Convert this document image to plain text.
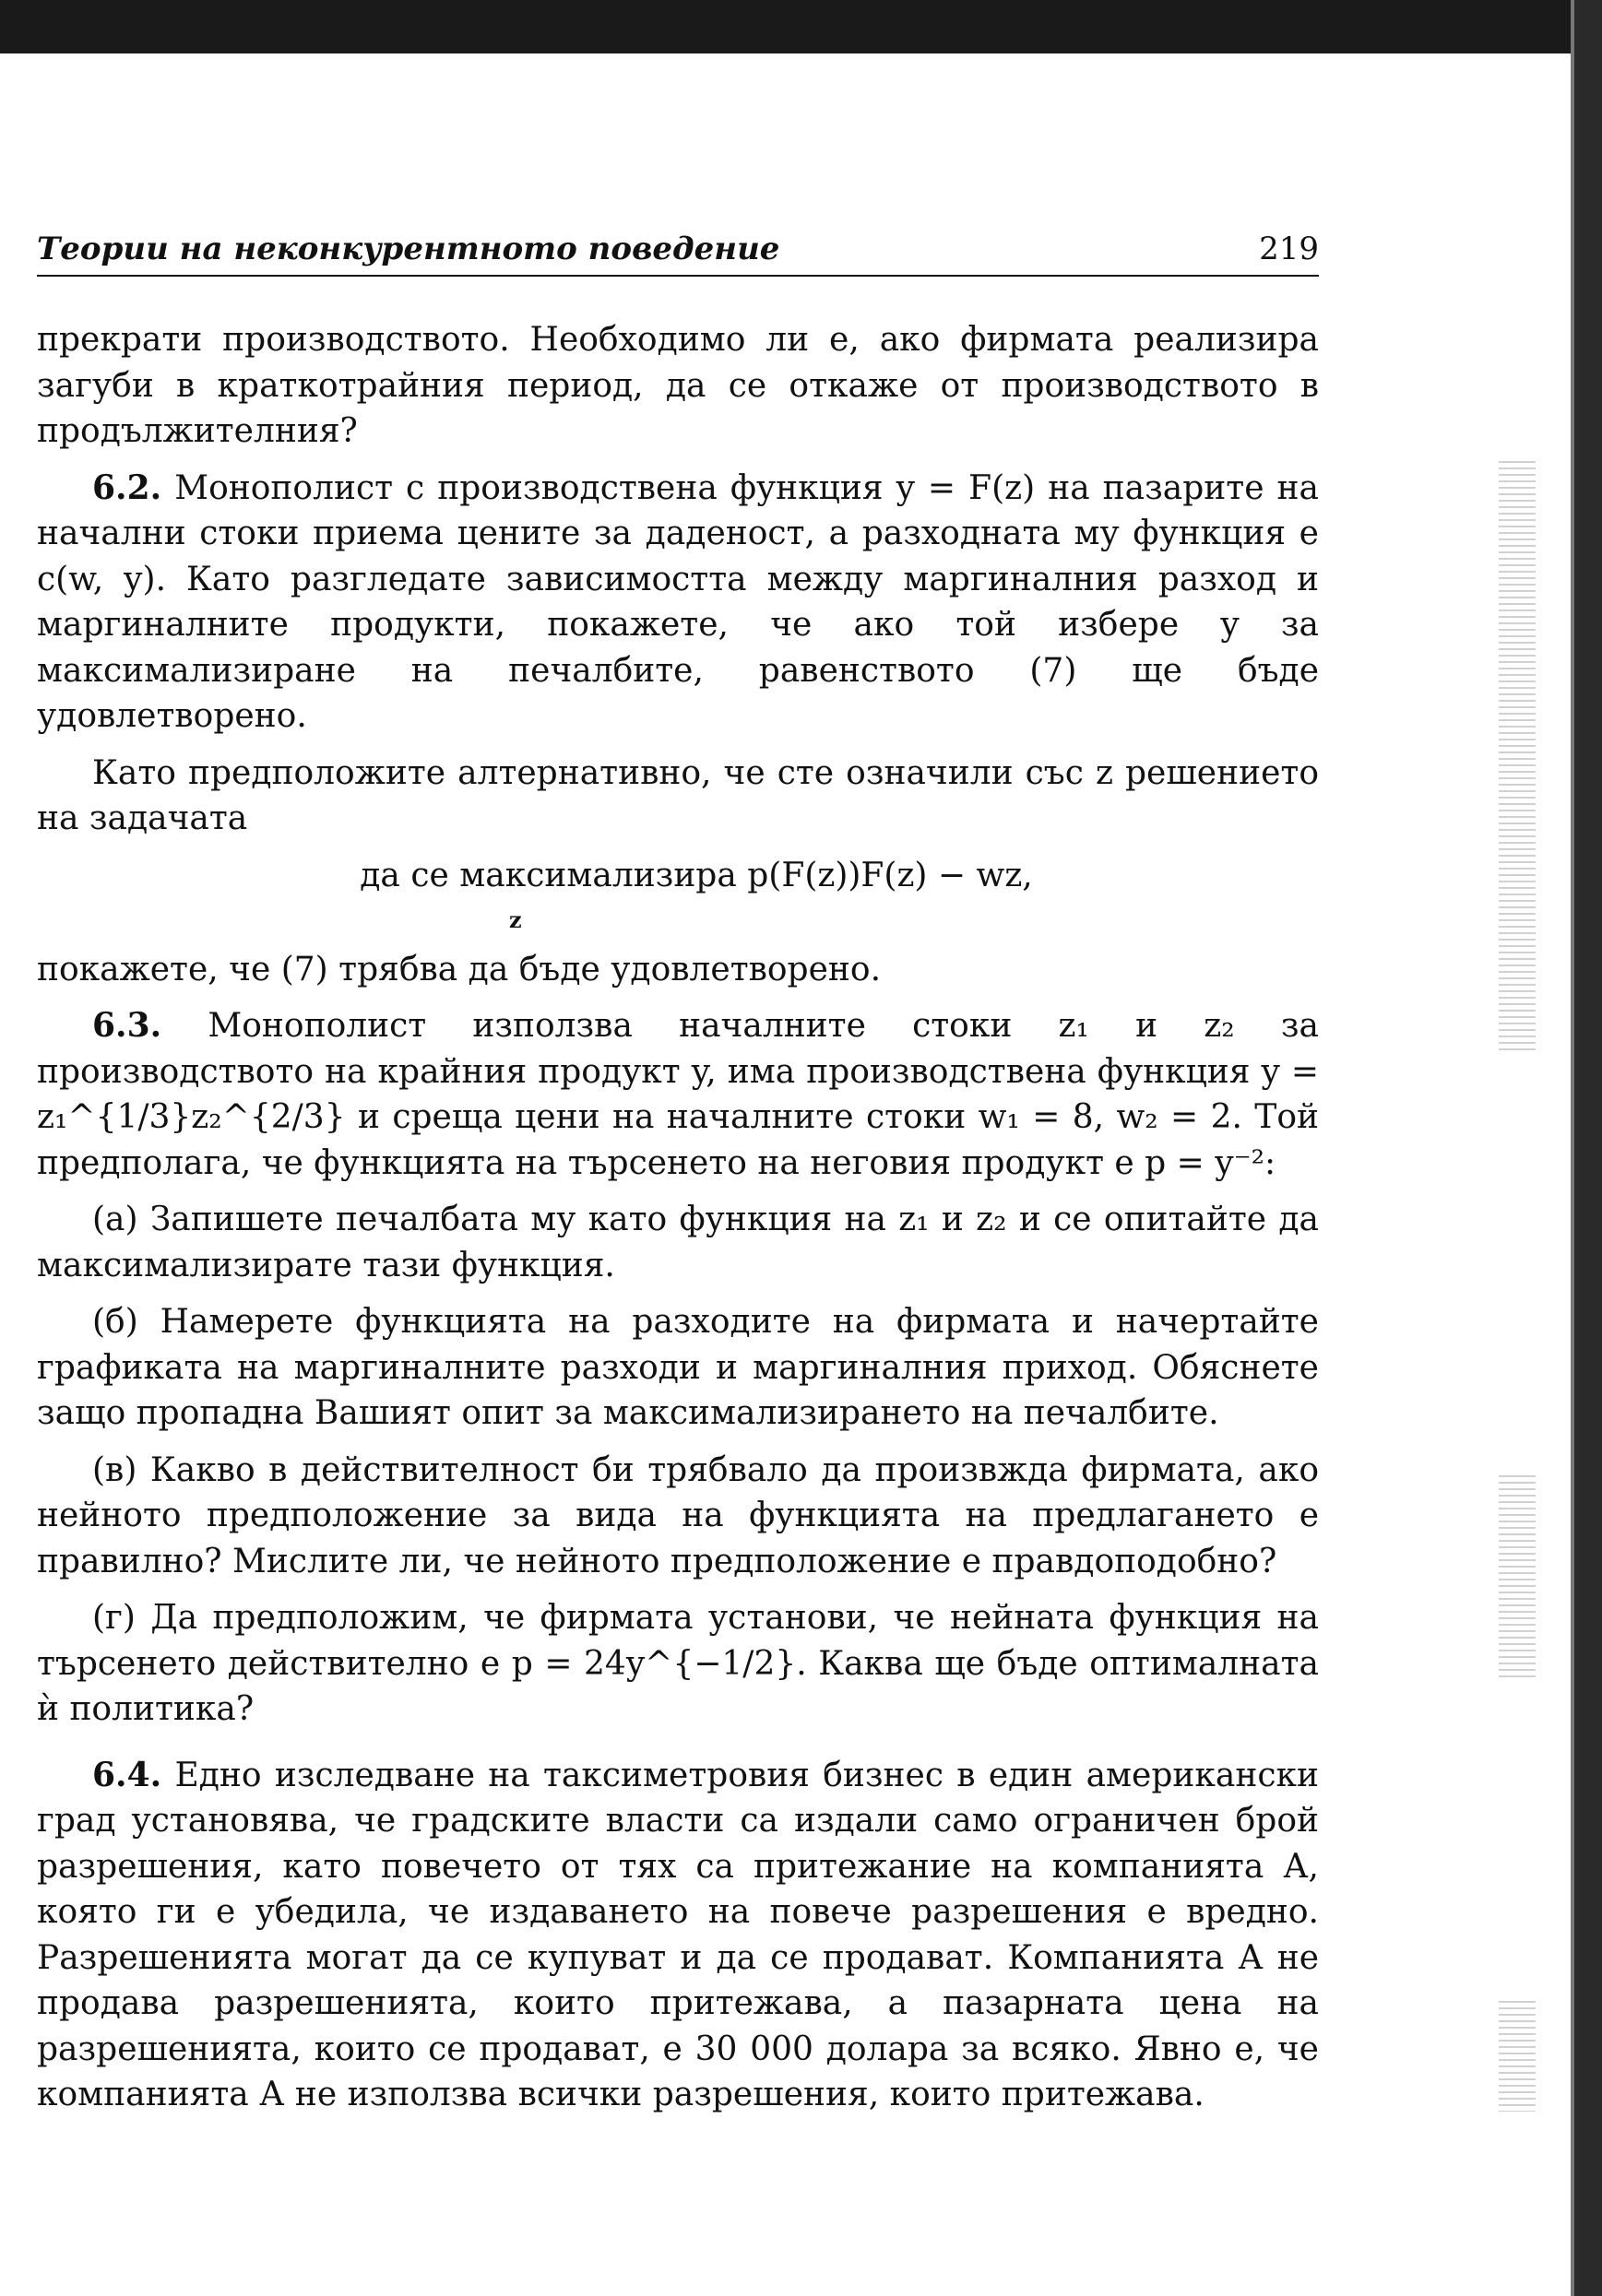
Теории на неконкурентното поведение	219

прекрати производството. Необходимо ли е, ако фирмата реализира загуби в краткотрайния период, да се откаже от производството в продължителния?

6.2. Монополист с производствена функция y = F(z) на пазарите на начални стоки приема цените за даденост, а разходната му функция е c(w, y). Като разгледате зависимостта между маргиналния разход и маргиналните продукти, покажете, че ако той избере y за максимализиране на печалбите, равенството (7) ще бъде удовлетворено.

Като предположите алтернативно, че сте означили със z решението на задачата

да се максимализира p(F(z))F(z) − wz,
z

покажете, че (7) трябва да бъде удовлетворено.

6.3. Монополист използва началните стоки z₁ и z₂ за производството на крайния продукт y, има производствена функция y = z₁^{1/3}z₂^{2/3} и среща цени на началните стоки w₁ = 8, w₂ = 2. Той предполага, че функцията на търсенето на неговия продукт е p = y⁻²:

(а) Запишете печалбата му като функция на z₁ и z₂ и се опитайте да максимализирате тази функция.

(б) Намерете функцията на разходите на фирмата и начертайте графиката на маргиналните разходи и маргиналния приход. Обяснете защо пропадна Вашият опит за максимализирането на печалбите.

(в) Какво в действителност би трябвало да произвжда фирмата, ако нейното предположение за вида на функцията на предлагането е правилно? Мислите ли, че нейното предположение е правдоподобно?

(г) Да предположим, че фирмата установи, че нейната функция на търсенето действително е p = 24y^{−1/2}. Каква ще бъде оптималната ѝ политика?

6.4. Едно изследване на таксиметровия бизнес в един американски град установява, че градските власти са издали само ограничен брой разрешения, като повечето от тях са притежание на компанията А, която ги е убедила, че издаването на повече разрешения е вредно. Разрешенията могат да се купуват и да се продават. Компанията А не продава разрешенията, които притежава, а пазарната цена на разрешенията, които се продават, е 30 000 долара за всяко. Явно е, че компанията А не използва всички разрешения, които притежава.
